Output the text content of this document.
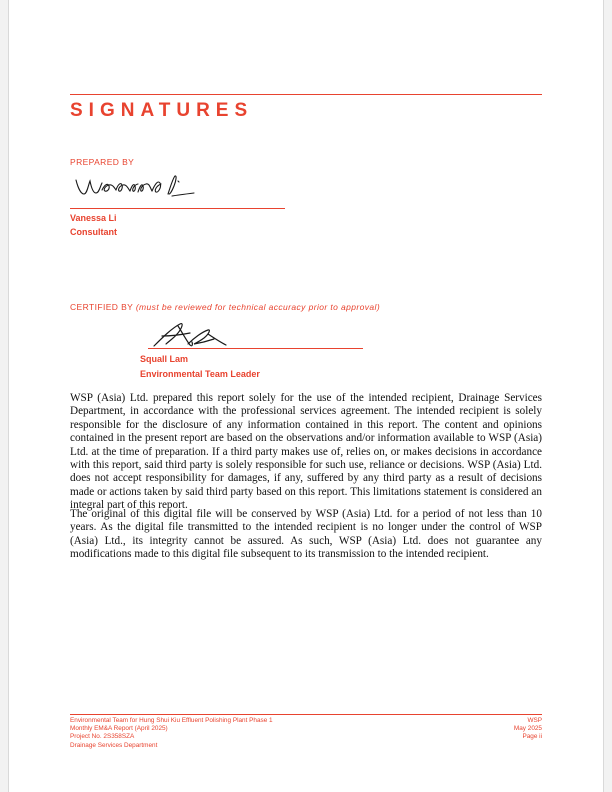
SIGNATURES
PREPARED BY
Vanessa Li
Consultant
CERTIFIED BY (must be reviewed for technical accuracy prior to approval)
Squall Lam
Environmental Team Leader
WSP (Asia) Ltd. prepared this report solely for the use of the intended recipient, Drainage Services Department, in accordance with the professional services agreement. The intended recipient is solely responsible for the disclosure of any information contained in this report. The content and opinions contained in the present report are based on the observations and/or information available to WSP (Asia) Ltd. at the time of preparation. If a third party makes use of, relies on, or makes decisions in accordance with this report, said third party is solely responsible for such use, reliance or decisions. WSP (Asia) Ltd. does not accept responsibility for damages, if any, suffered by any third party as a result of decisions made or actions taken by said third party based on this report. This limitations statement is considered an integral part of this report.
The original of this digital file will be conserved by WSP (Asia) Ltd. for a period of not less than 10 years. As the digital file transmitted to the intended recipient is no longer under the control of WSP (Asia) Ltd., its integrity cannot be assured. As such, WSP (Asia) Ltd. does not guarantee any modifications made to this digital file subsequent to its transmission to the intended recipient.
Environmental Team for Hung Shui Kiu Effluent Polishing Plant Phase 1
Monthly EM&A Report (April 2025)
Project No. 2S358SZA
Drainage Services Department
WSP
May 2025
Page ii
